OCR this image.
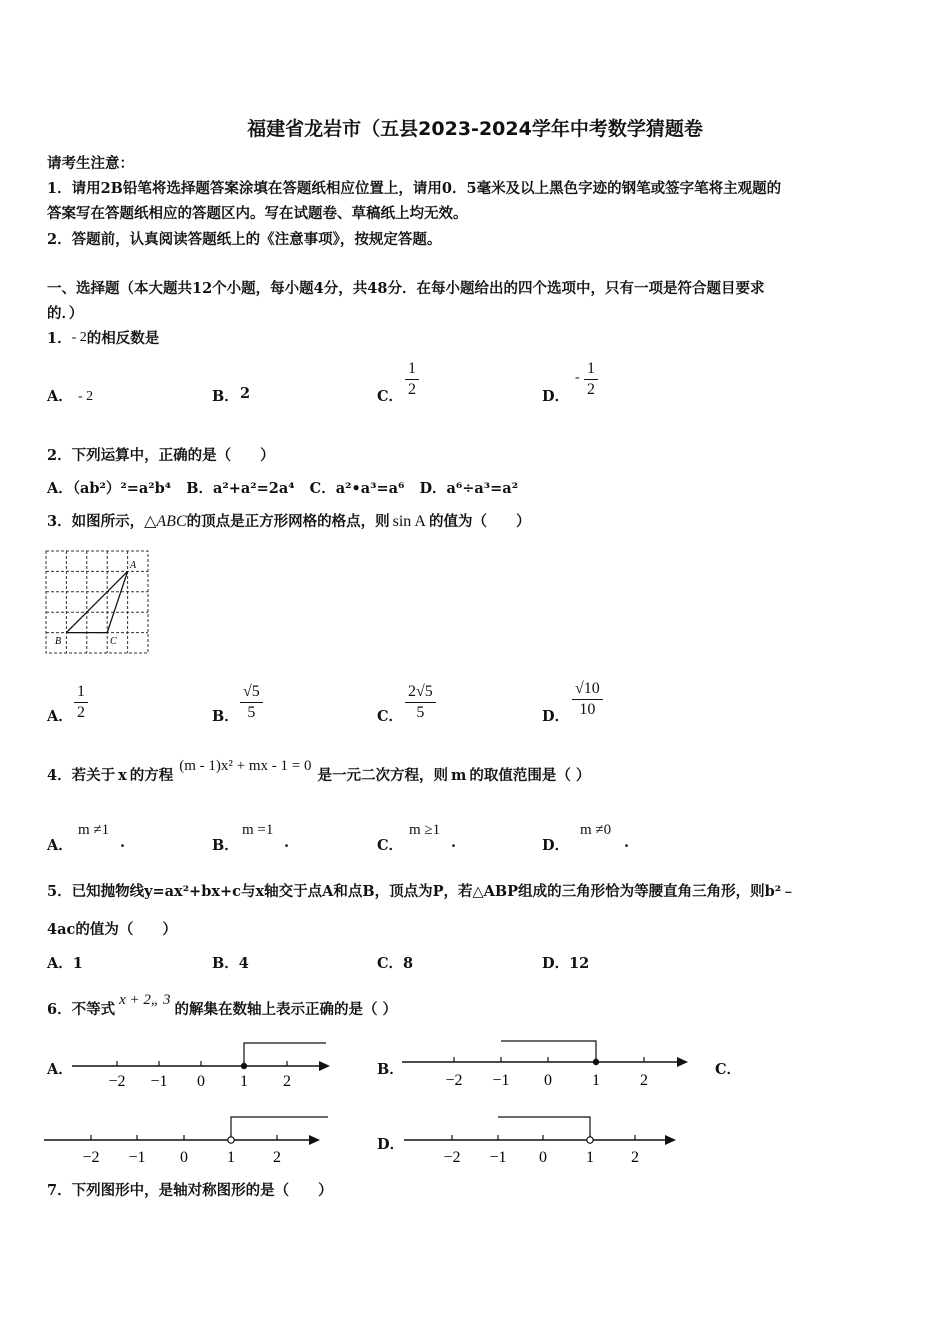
福建省龙岩市（五县2023-2024学年中考数学猜题卷
请考生注意：
1．请用2B铅笔将选择题答案涂填在答题纸相应位置上，请用0．5毫米及以上黑色字迹的钢笔或签字笔将主观题的
答案写在答题纸相应的答题区内。写在试题卷、草稿纸上均无效。
2．答题前，认真阅读答题纸上的《注意事项》，按规定答题。
一、选择题（本大题共12个小题，每小题4分，共48分．在每小题给出的四个选项中，只有一项是符合题目要求
的．）
1．- 2的相反数是
A． - 2	B． 2	C．
1
2	D．
-
1
2
2．下列运算中，正确的是（　　）
A．（ab²）²=a²b⁴ B．a²+a²=2a⁴ C．a²•a³=a⁶ D．a⁶÷a³=a²
3．如图所示，△ABC的顶点是正方形网格的格点，则 sin A 的值为（　　）
A
B	C
A．
1
2	B．
√5
5	C．
2√5
5	D．
√10
10
4．若关于 x 的方程(m - 1)x² + mx - 1 = 0是一元二次方程，则 m 的取值范围是（ ）
A．
m ≠1
.	B．
m =1
.	C．
m ≥1
.	D．
m ≠0
.
5．已知抛物线y=ax²+bx+c与x轴交于点A和点B，顶点为P，若△ABP组成的三角形恰为等腰直角三角形，则b²﹣
4ac的值为（　　）
A．1	B．4	C．8	D．12
6．不等式x + 2„ 3的解集在数轴上表示正确的是（ ）
A．
−2 −1 0 1 2
B．
−2 −1 0	1	2
C．
−2 −1 0 1 2
D．
−2 −1 0 1 2
7．下列图形中，是轴对称图形的是（　　）
